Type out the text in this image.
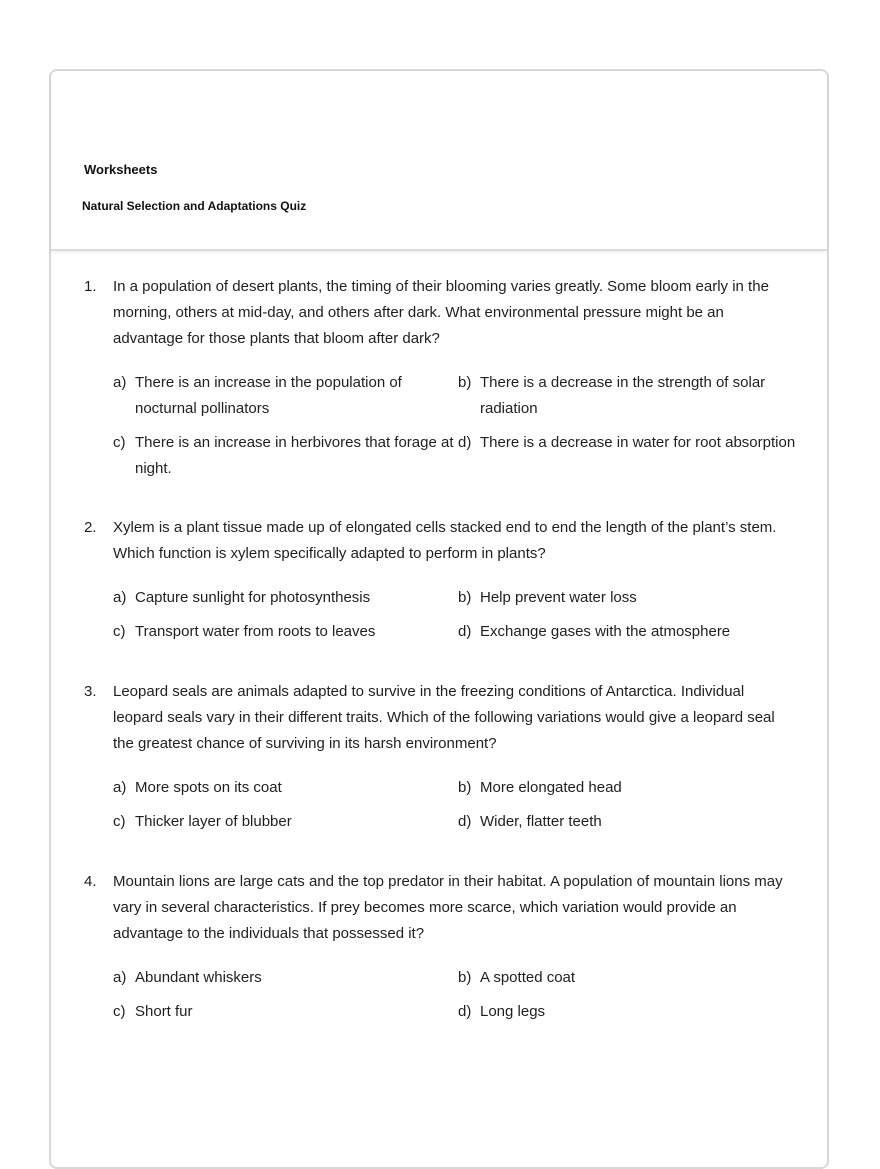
Worksheets
Natural Selection and Adaptations Quiz
1.	In a population of desert plants, the timing of their blooming varies greatly. Some bloom early in the morning, others at mid-day, and others after dark. What environmental pressure might be an advantage for those plants that bloom after dark?
a) There is an increase in the population of nocturnal pollinators
b) There is a decrease in the strength of solar radiation
c) There is an increase in herbivores that forage at night.
d) There is a decrease in water for root absorption
2.	Xylem is a plant tissue made up of elongated cells stacked end to end the length of the plant’s stem. Which function is xylem specifically adapted to perform in plants?
a) Capture sunlight for photosynthesis	b) Help prevent water loss
c) Transport water from roots to leaves	d) Exchange gases with the atmosphere
3.	Leopard seals are animals adapted to survive in the freezing conditions of Antarctica. Individual leopard seals vary in their different traits. Which of the following variations would give a leopard seal the greatest chance of surviving in its harsh environment?
a) More spots on its coat	b) More elongated head
c) Thicker layer of blubber	d) Wider, flatter teeth
4.	Mountain lions are large cats and the top predator in their habitat. A population of mountain lions may vary in several characteristics. If prey becomes more scarce, which variation would provide an advantage to the individuals that possessed it?
a) Abundant whiskers	b) A spotted coat
c) Short fur	d) Long legs
